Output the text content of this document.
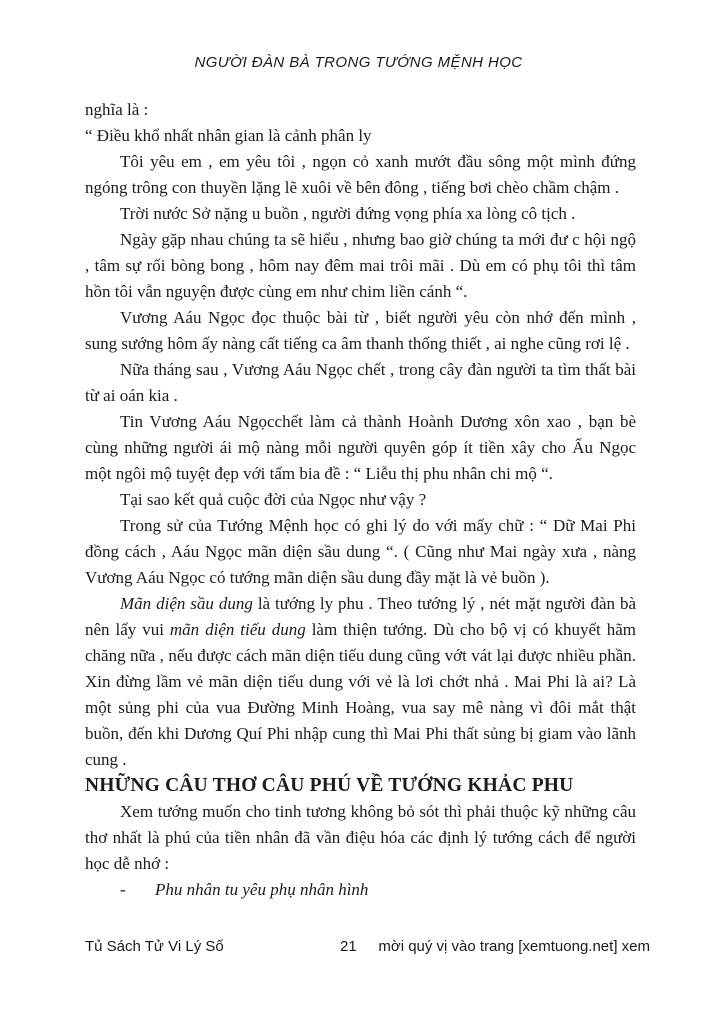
NGƯỜI ĐÀN BÀ TRONG TƯỚNG MỆNH HỌC

nghĩa là :

“ Điều khổ nhất nhân gian là cảnh phân ly

Tôi yêu em , em yêu tôi , ngọn cỏ xanh mướt đầu sông một mình đứng ngóng trông con thuyền lặng lẽ xuôi về bên đông , tiếng bơi chèo chầm chậm .

Trời nước Sở nặng u buồn , người đứng vọng phía xa lòng cô tịch .

Ngày gặp nhau chúng ta sẽ hiểu , nhưng bao giờ chúng ta mới đư c hội ngộ , tâm sự rối bòng bong , hôm nay đêm mai trôi mãi . Dù em có phụ tôi thì tâm hồn tôi vẫn nguyện được cùng em như chim liền cánh “.

Vương Aáu Ngọc đọc thuộc bài từ , biết người yêu còn nhớ đến mình , sung sướng hôm ấy nàng cất tiếng ca âm thanh thống thiết , ai nghe cũng rơi lệ .

Nữa tháng sau , Vương Aáu Ngọc chết , trong cây đàn người ta tìm thất bài từ ai oán kia .

Tin Vương Aáu Ngọcchết làm cả thành Hoành Dương xôn xao , bạn bè cùng những người ái mộ nàng mỗi người quyên góp ít tiền xây cho Ấu Ngọc một ngôi mộ tuyệt đẹp với tấm bia đề : “ Liễu thị phu nhân chi mộ “.

Tại sao kết quả cuộc đời của Ngọc như vậy ?

Trong sử của Tướng Mệnh học có ghi lý do với mấy chữ : “ Dữ Mai Phi đồng cách , Aáu Ngọc mãn diện sầu dung “. ( Cũng như Mai ngày xưa , nàng Vương Aáu Ngọc có tướng mãn diện sầu dung đầy mặt là vẻ buồn ).

Mãn diện sầu dung là tướng ly phu . Theo tướng lý , nét mặt người đàn bà nên lấy vui mãn diện tiếu dung làm thiện tướng. Dù cho bộ vị có khuyết hãm chăng nữa , nếu được cách mãn diện tiếu dung cũng vớt vát lại được nhiều phần. Xin đừng lầm vẻ mãn diện tiếu dung với vẻ là lơi chớt nhả . Mai Phi là ai? Là một sủng phi của vua Đường Minh Hoàng, vua say mê nàng vì đôi mắt thật buồn, đến khi Dương Quí Phi nhập cung thì Mai Phi thất sủng bị giam vào lãnh cung .

NHỮNG CÂU THƠ CÂU PHÚ VỀ TƯỚNG KHẢC PHU

Xem tướng muốn cho tinh tương không bỏ sót thì phải thuộc kỹ những câu thơ nhất là phú của tiền nhân đã vần điệu hóa các định lý tướng cách để người học dễ nhớ :

-	Phu nhân tu yêu phụ nhân hình
Tủ Sách Tử Vi Lý Số	21	mời quý vị vào trang [xemtuong.net] xem
